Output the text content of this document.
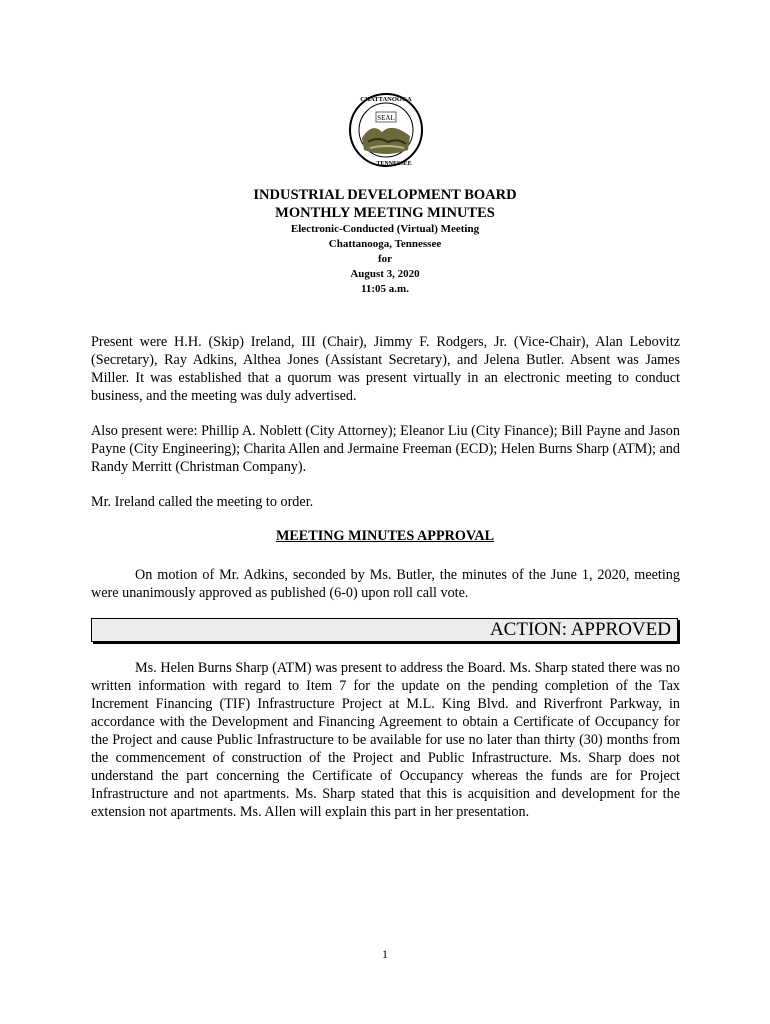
SEAL
CHATTANOOGA
TENNESSEE
INDUSTRIAL DEVELOPMENT BOARD
MONTHLY MEETING MINUTES
Electronic-Conducted (Virtual) Meeting
Chattanooga, Tennessee
for
August 3, 2020
11:05 a.m.
Present were H.H. (Skip) Ireland, III (Chair), Jimmy F. Rodgers, Jr. (Vice-Chair), Alan Lebovitz (Secretary), Ray Adkins, Althea Jones (Assistant Secretary), and Jelena Butler. Absent was James Miller. It was established that a quorum was present virtually in an electronic meeting to conduct business, and the meeting was duly advertised.
Also present were: Phillip A. Noblett (City Attorney); Eleanor Liu (City Finance); Bill Payne and Jason Payne (City Engineering); Charita Allen and Jermaine Freeman (ECD); Helen Burns Sharp (ATM); and Randy Merritt (Christman Company).
Mr. Ireland called the meeting to order.
MEETING MINUTES APPROVAL
On motion of Mr. Adkins, seconded by Ms. Butler, the minutes of the June 1, 2020, meeting were unanimously approved as published (6-0) upon roll call vote.
ACTION: APPROVED
Ms. Helen Burns Sharp (ATM) was present to address the Board. Ms. Sharp stated there was no written information with regard to Item 7 for the update on the pending completion of the Tax Increment Financing (TIF) Infrastructure Project at M.L. King Blvd. and Riverfront Parkway, in accordance with the Development and Financing Agreement to obtain a Certificate of Occupancy for the Project and cause Public Infrastructure to be available for use no later than thirty (30) months from the commencement of construction of the Project and Public Infrastructure. Ms. Sharp does not understand the part concerning the Certificate of Occupancy whereas the funds are for Project Infrastructure and not apartments. Ms. Sharp stated that this is acquisition and development for the extension not apartments. Ms. Allen will explain this part in her presentation.
1
